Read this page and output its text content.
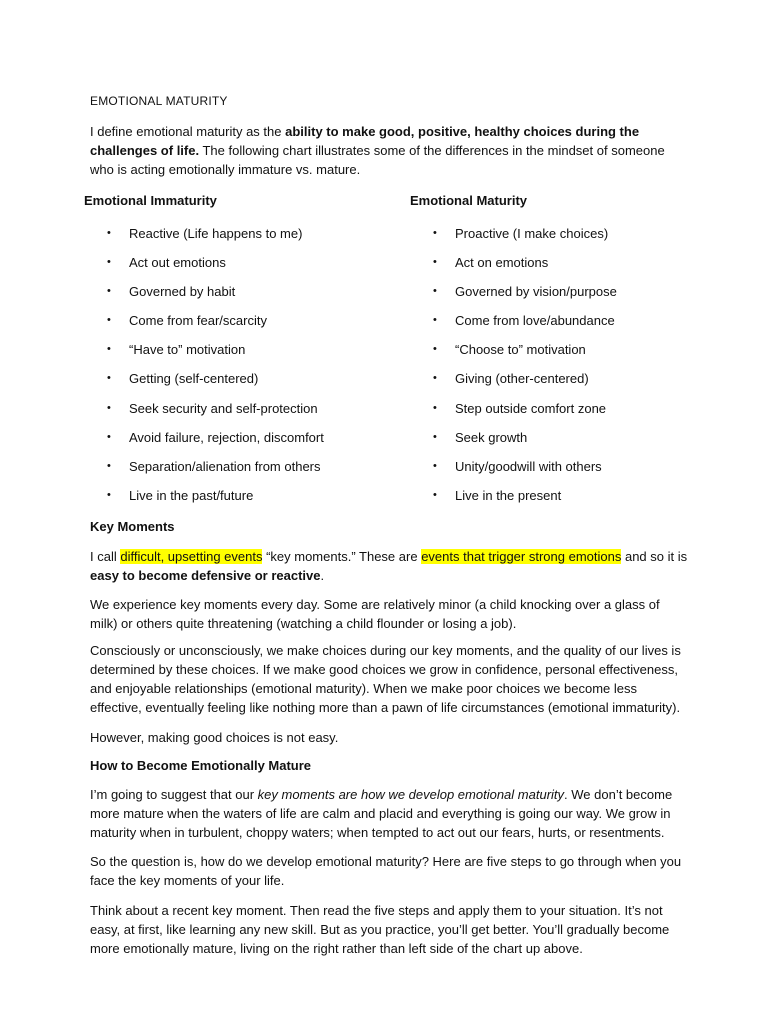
EMOTIONAL MATURITY
I define emotional maturity as the ability to make good, positive, healthy choices during the challenges of life. The following chart illustrates some of the differences in the mindset of someone who is acting emotionally immature vs. mature.
Emotional Immaturity	Emotional Maturity
• Reactive (Life happens to me)
• Act out emotions
• Governed by habit
• Come from fear/scarcity
• “Have to” motivation
• Getting (self-centered)
• Seek security and self-protection
• Avoid failure, rejection, discomfort
• Separation/alienation from others
• Live in the past/future
• Proactive (I make choices)
• Act on emotions
• Governed by vision/purpose
• Come from love/abundance
• “Choose to” motivation
• Giving (other-centered)
• Step outside comfort zone
• Seek growth
• Unity/goodwill with others
• Live in the present
Key Moments
I call difficult, upsetting events “key moments.” These are events that trigger strong emotions and so it is easy to become defensive or reactive.
We experience key moments every day. Some are relatively minor (a child knocking over a glass of milk) or others quite threatening (watching a child flounder or losing a job).
Consciously or unconsciously, we make choices during our key moments, and the quality of our lives is determined by these choices. If we make good choices we grow in confidence, personal effectiveness, and enjoyable relationships (emotional maturity). When we make poor choices we become less effective, eventually feeling like nothing more than a pawn of life circumstances (emotional immaturity).
However, making good choices is not easy.
How to Become Emotionally Mature
I’m going to suggest that our key moments are how we develop emotional maturity. We don’t become more mature when the waters of life are calm and placid and everything is going our way. We grow in maturity when in turbulent, choppy waters; when tempted to act out our fears, hurts, or resentments.
So the question is, how do we develop emotional maturity? Here are five steps to go through when you face the key moments of your life.
Think about a recent key moment. Then read the five steps and apply them to your situation. It’s not easy, at first, like learning any new skill. But as you practice, you’ll get better. You’ll gradually become more emotionally mature, living on the right rather than left side of the chart up above.
